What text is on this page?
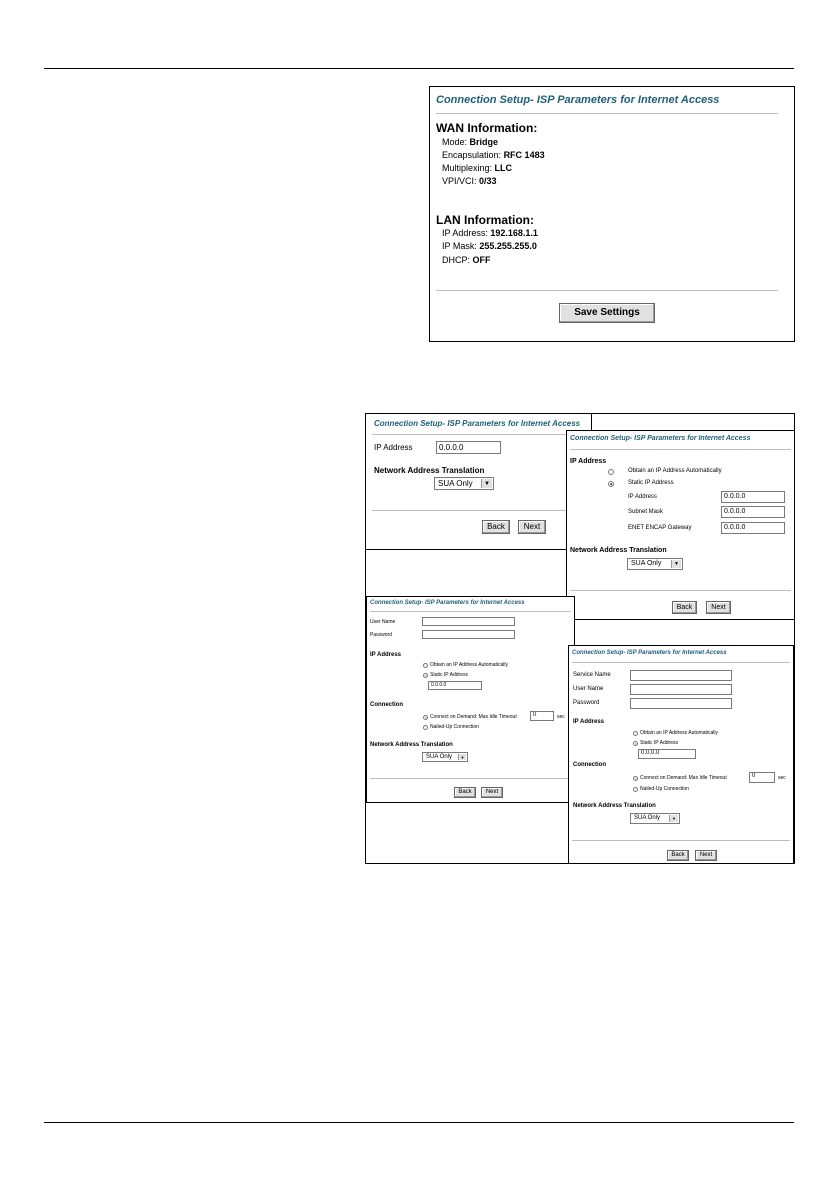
Connection Setup- ISP Parameters for Internet Access
WAN Information:
Mode: Bridge
Encapsulation: RFC 1483
Multiplexing: LLC
VPI/VCI: 0/33
LAN Information:
IP Address: 192.168.1.1
IP Mask: 255.255.255.0
DHCP: OFF
Save Settings
Connection Setup- ISP Parameters for Internet Access
IP Address	0.0.0.0
Network Address Translation
SUA Only	▼
Back	Next
Connection Setup- ISP Parameters for Internet Access
IP Address
Obtain an IP Address Automatically
Static IP Address
IP Address	0.0.0.0
Subnet Mask	0.0.0.0
ENET ENCAP Gateway	0.0.0.0
Network Address Translation
SUA Only	▼
Back	Next
Connection Setup- ISP Parameters for Internet Access
User Name
Password
IP Address
Obtain an IP Address Automatically
Static IP Address
0.0.0.0
Connection
Connect on Demand: Max Idle Timeout	0	sec
Nailed-Up Connection
Network Address Translation
SUA Only	▼
Back	Next
Connection Setup- ISP Parameters for Internet Access
Service Name
User Name
Password
IP Address
Obtain an IP Address Automatically
Static IP Address
0.0.0.0
Connection
Connect on Demand: Max Idle Timeout	0	sec
Nailed-Up Connection
Network Address Translation
SUA Only	▼
Back	Next
